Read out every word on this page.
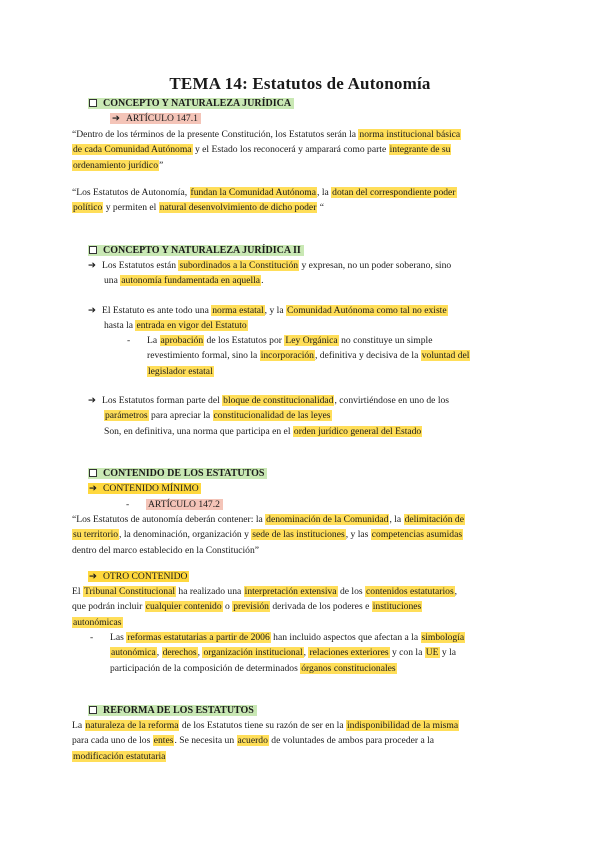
TEMA 14: Estatutos de Autonomía
CONCEPTO Y NATURALEZA JURÍDICA
➔ ARTÍCULO 147.1
“Dentro de los términos de la presente Constitución, los Estatutos serán la norma institucional básica
de cada Comunidad Autónoma y el Estado los reconocerá y amparará como parte integrante de su
ordenamiento jurídico”
“Los Estatutos de Autonomía, fundan la Comunidad Autónoma, la dotan del correspondiente poder
político y permiten el natural desenvolvimiento de dicho poder “
CONCEPTO Y NATURALEZA JURÍDICA II
➔ Los Estatutos están subordinados a la Constitución y expresan, no un poder soberano, sino
una autonomía fundamentada en aquella.
➔ El Estatuto es ante todo una norma estatal, y la Comunidad Autónoma como tal no existe
hasta la entrada en vigor del Estatuto
- La aprobación de los Estatutos por Ley Orgánica no constituye un simple
revestimiento formal, sino la incorporación, definitiva y decisiva de la voluntad del
legislador estatal
➔ Los Estatutos forman parte del bloque de constitucionalidad, convirtiéndose en uno de los
parámetros para apreciar la constitucionalidad de las leyes
Son, en definitiva, una norma que participa en el orden jurídico general del Estado
CONTENIDO DE LOS ESTATUTOS
➔ CONTENIDO MÍNIMO
- ARTÍCULO 147.2
“Los Estatutos de autonomía deberán contener: la denominación de la Comunidad, la delimitación de
su territorio, la denominación, organización y sede de las instituciones, y las competencias asumidas
dentro del marco establecido en la Constitución”
➔ OTRO CONTENIDO
El Tribunal Constitucional ha realizado una interpretación extensiva de los contenidos estatutarios,
que podrán incluir cualquier contenido o previsión derivada de los poderes e instituciones
autonómicas
- Las reformas estatutarias a partir de 2006 han incluido aspectos que afectan a la simbología
autonómica, derechos, organización institucional, relaciones exteriores y con la UE y la
participación de la composición de determinados órganos constitucionales
REFORMA DE LOS ESTATUTOS
La naturaleza de la reforma de los Estatutos tiene su razón de ser en la indisponibilidad de la misma
para cada uno de los entes. Se necesita un acuerdo de voluntades de ambos para proceder a la
modificación estatutaria
